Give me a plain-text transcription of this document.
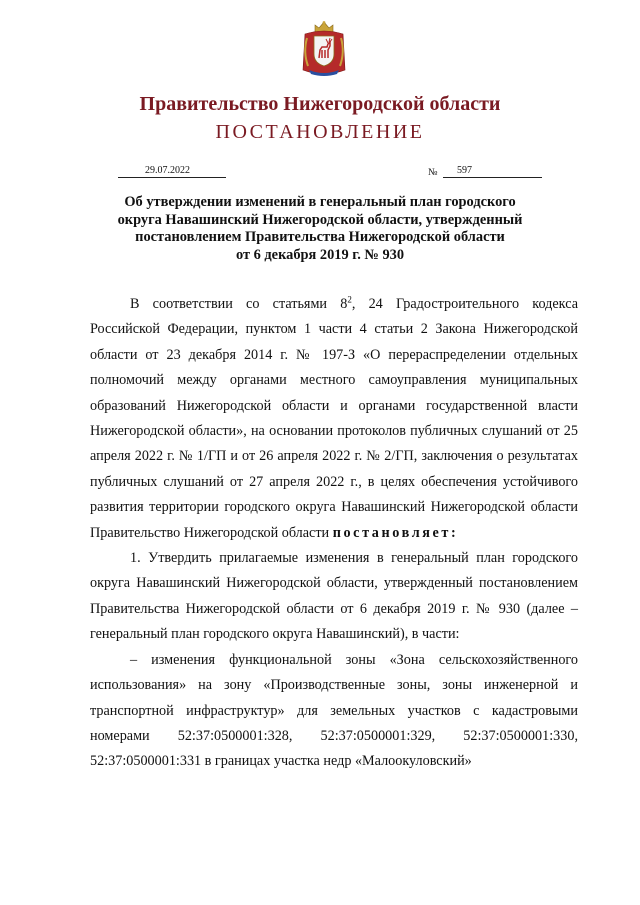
Правительство Нижегородской области
ПОСТАНОВЛЕНИЕ
29.07.2022	№	597
Об утверждении изменений в генеральный план городского
округа Навашинский Нижегородской области, утвержденный
постановлением Правительства Нижегородской области
от 6 декабря 2019 г. № 930

В соответствии со статьями $8^2$, 24 Градостроительного кодекса Российской Федерации, пунктом 1 части 4 статьи 2 Закона Нижегородской области от 23 декабря 2014 г. № 197-З «О перераспределении отдельных полномочий между органами местного самоуправления муниципальных образований Нижегородской области и органами государственной власти Нижегородской области», на основании протоколов публичных слушаний от 25 апреля 2022 г. № 1/ГП и от 26 апреля 2022 г. № 2/ГП, заключения о результатах публичных слушаний от 27 апреля 2022 г., в целях обеспечения устойчивого развития территории городского округа Навашинский Нижегородской области Правительство Нижегородской области постановляет:

1. Утвердить прилагаемые изменения в генеральный план городского округа Навашинский Нижегородской области, утвержденный постановлением Правительства Нижегородской области от 6 декабря 2019 г. № 930 (далее – генеральный план городского округа Навашинский), в части:

– изменения функциональной зоны «Зона сельскохозяйственного использования» на зону «Производственные зоны, зоны инженерной и транспортной инфраструктур» для земельных участков с кадастровыми номерами 52:37:0500001:328, 52:37:0500001:329, 52:37:0500001:330, 52:37:0500001:331 в границах участка недр «Малоокуловский»
